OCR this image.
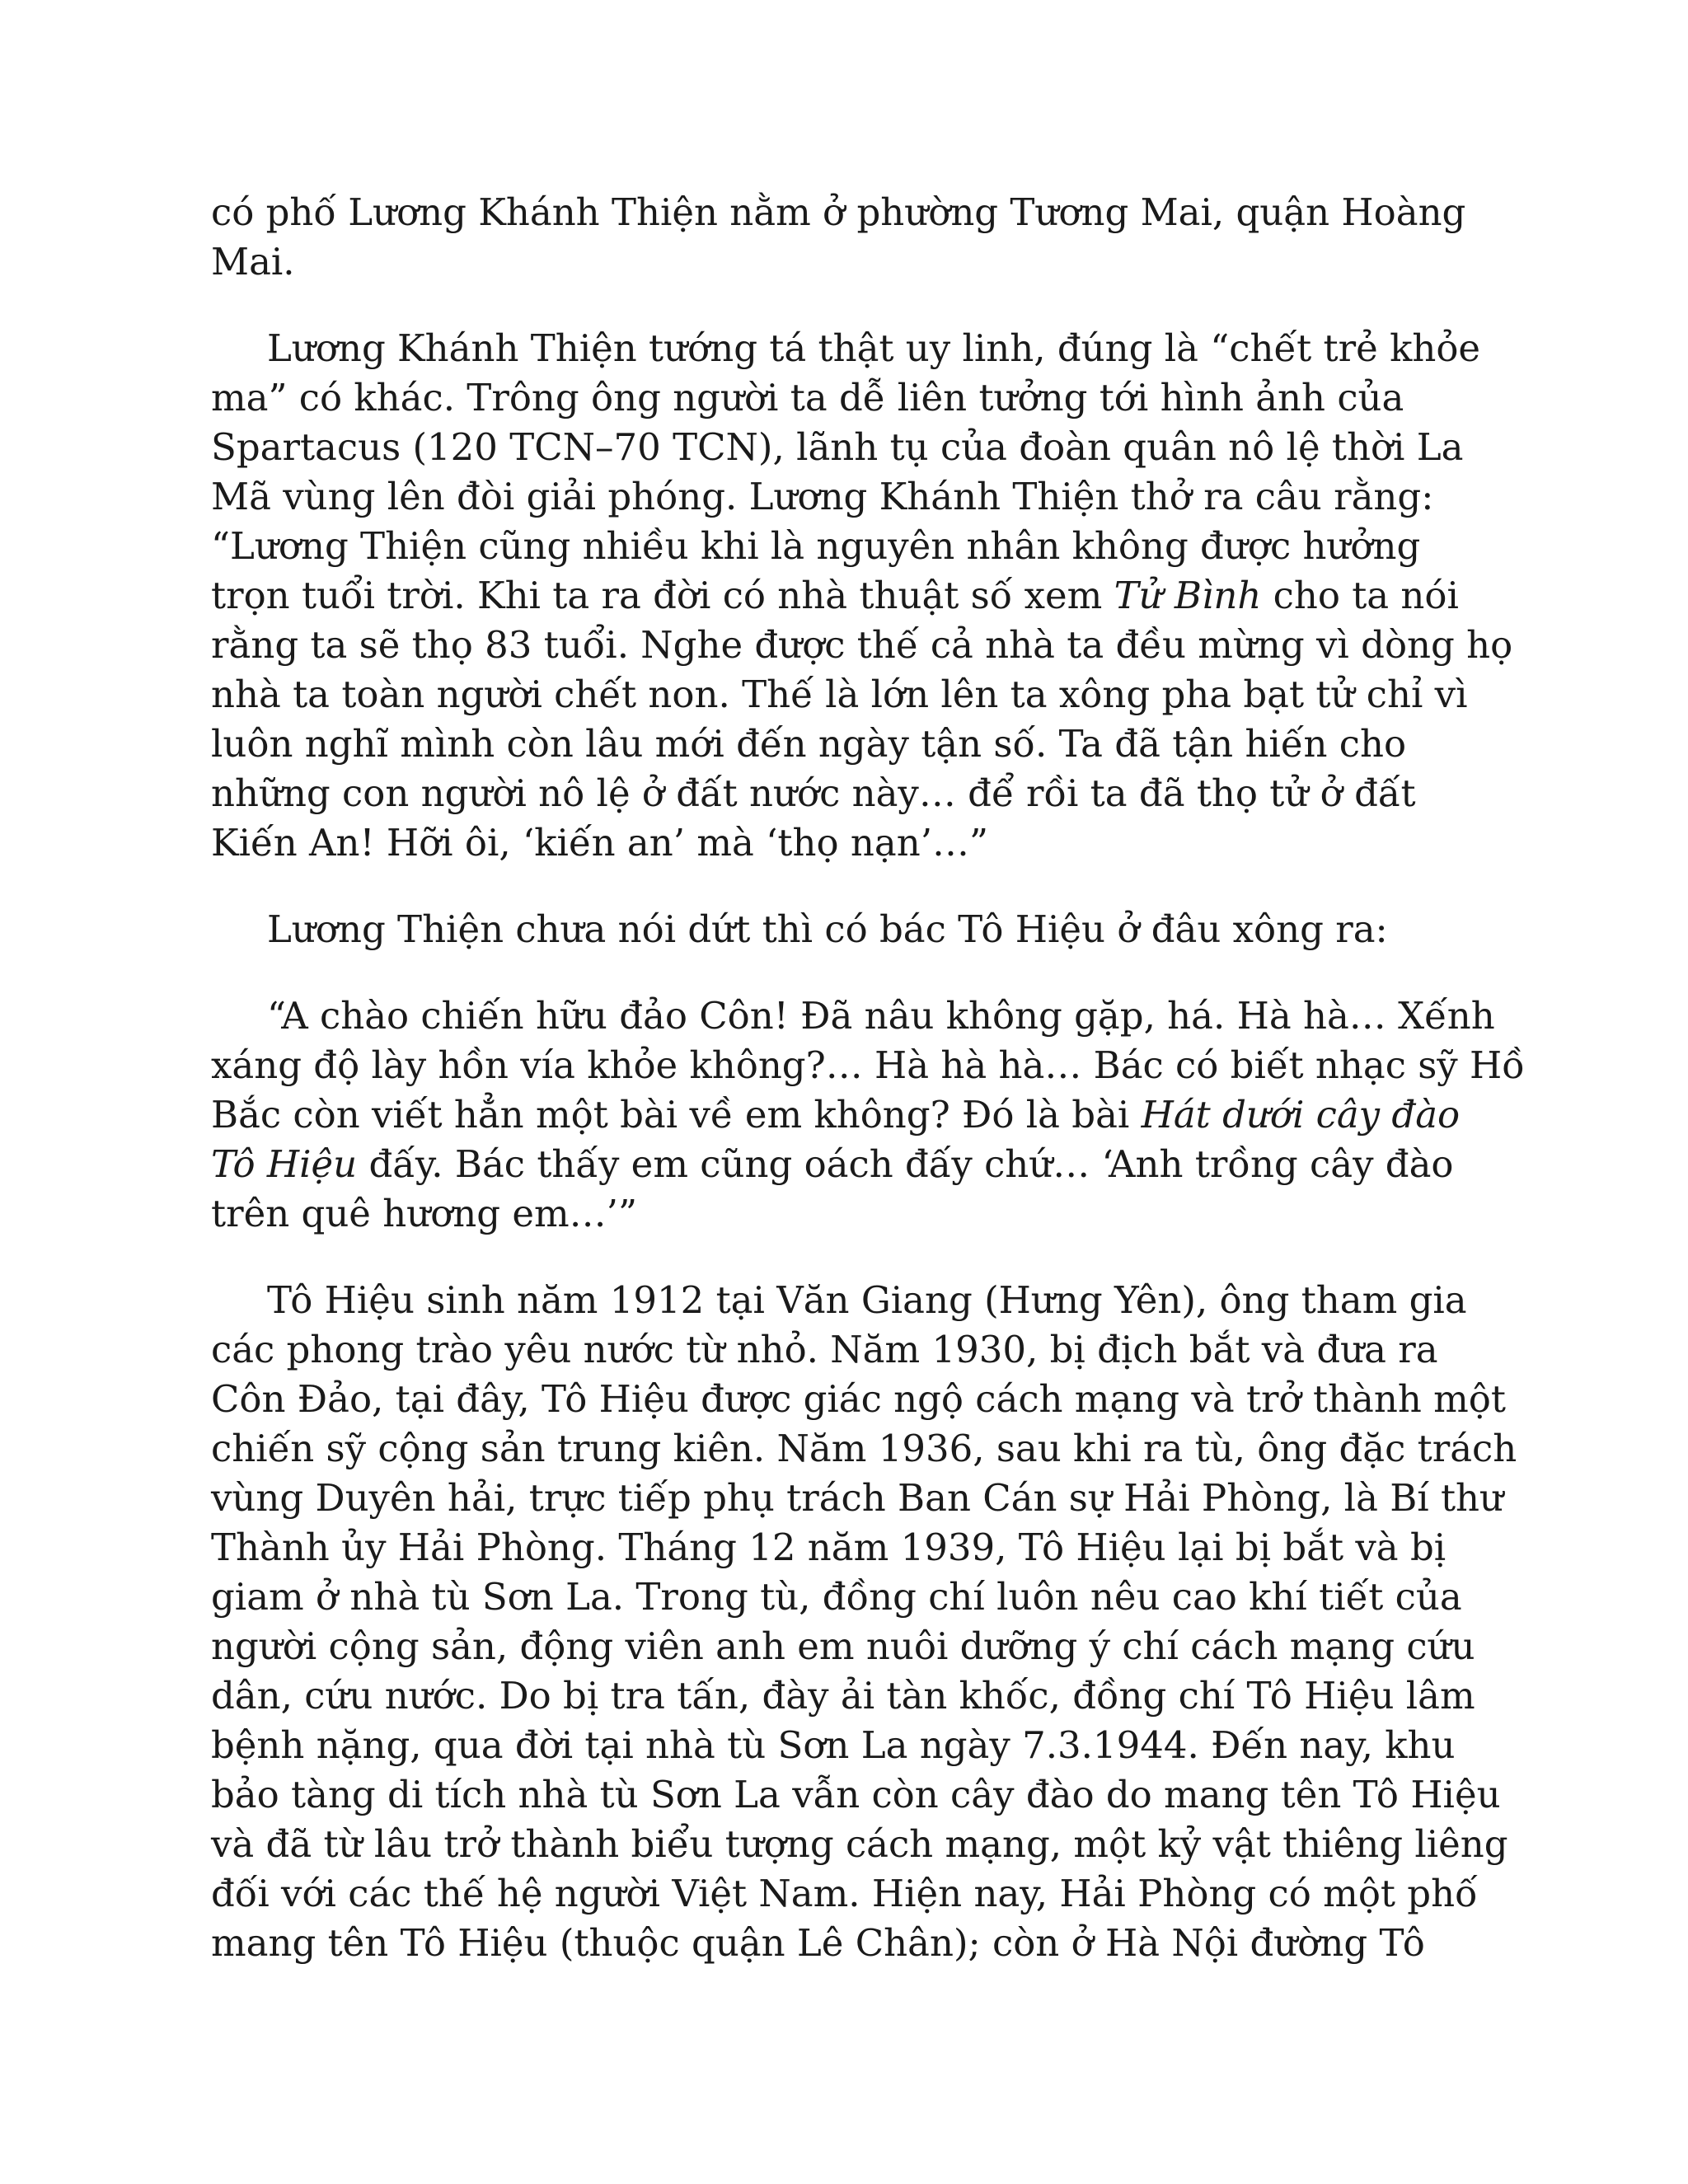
có phố Lương Khánh Thiện nằm ở phường Tương Mai, quận Hoàng
Mai.
Lương Khánh Thiện tướng tá thật uy linh, đúng là “chết trẻ khỏe
ma” có khác. Trông ông người ta dễ liên tưởng tới hình ảnh của
Spartacus (120 TCN–70 TCN), lãnh tụ của đoàn quân nô lệ thời La
Mã vùng lên đòi giải phóng. Lương Khánh Thiện thở ra câu rằng:
“Lương Thiện cũng nhiều khi là nguyên nhân không được hưởng
trọn tuổi trời. Khi ta ra đời có nhà thuật số xem Tử Bình cho ta nói
rằng ta sẽ thọ 83 tuổi. Nghe được thế cả nhà ta đều mừng vì dòng họ
nhà ta toàn người chết non. Thế là lớn lên ta xông pha bạt tử chỉ vì
luôn nghĩ mình còn lâu mới đến ngày tận số. Ta đã tận hiến cho
những con người nô lệ ở đất nước này… để rồi ta đã thọ tử ở đất
Kiến An! Hỡi ôi, ‘kiến an’ mà ‘thọ nạn’…”
Lương Thiện chưa nói dứt thì có bác Tô Hiệu ở đâu xông ra:
“A chào chiến hữu đảo Côn! Đã nâu không gặp, há. Hà hà… Xếnh
xáng độ lày hồn vía khỏe không?… Hà hà hà… Bác có biết nhạc sỹ Hồ
Bắc còn viết hẳn một bài về em không? Đó là bài Hát dưới cây đào
Tô Hiệu đấy. Bác thấy em cũng oách đấy chứ… ‘Anh trồng cây đào
trên quê hương em…’”
Tô Hiệu sinh năm 1912 tại Văn Giang (Hưng Yên), ông tham gia
các phong trào yêu nước từ nhỏ. Năm 1930, bị địch bắt và đưa ra
Côn Đảo, tại đây, Tô Hiệu được giác ngộ cách mạng và trở thành một
chiến sỹ cộng sản trung kiên. Năm 1936, sau khi ra tù, ông đặc trách
vùng Duyên hải, trực tiếp phụ trách Ban Cán sự Hải Phòng, là Bí thư
Thành ủy Hải Phòng. Tháng 12 năm 1939, Tô Hiệu lại bị bắt và bị
giam ở nhà tù Sơn La. Trong tù, đồng chí luôn nêu cao khí tiết của
người cộng sản, động viên anh em nuôi dưỡng ý chí cách mạng cứu
dân, cứu nước. Do bị tra tấn, đày ải tàn khốc, đồng chí Tô Hiệu lâm
bệnh nặng, qua đời tại nhà tù Sơn La ngày 7.3.1944. Đến nay, khu
bảo tàng di tích nhà tù Sơn La vẫn còn cây đào do mang tên Tô Hiệu
và đã từ lâu trở thành biểu tượng cách mạng, một kỷ vật thiêng liêng
đối với các thế hệ người Việt Nam. Hiện nay, Hải Phòng có một phố
mang tên Tô Hiệu (thuộc quận Lê Chân); còn ở Hà Nội đường Tô
